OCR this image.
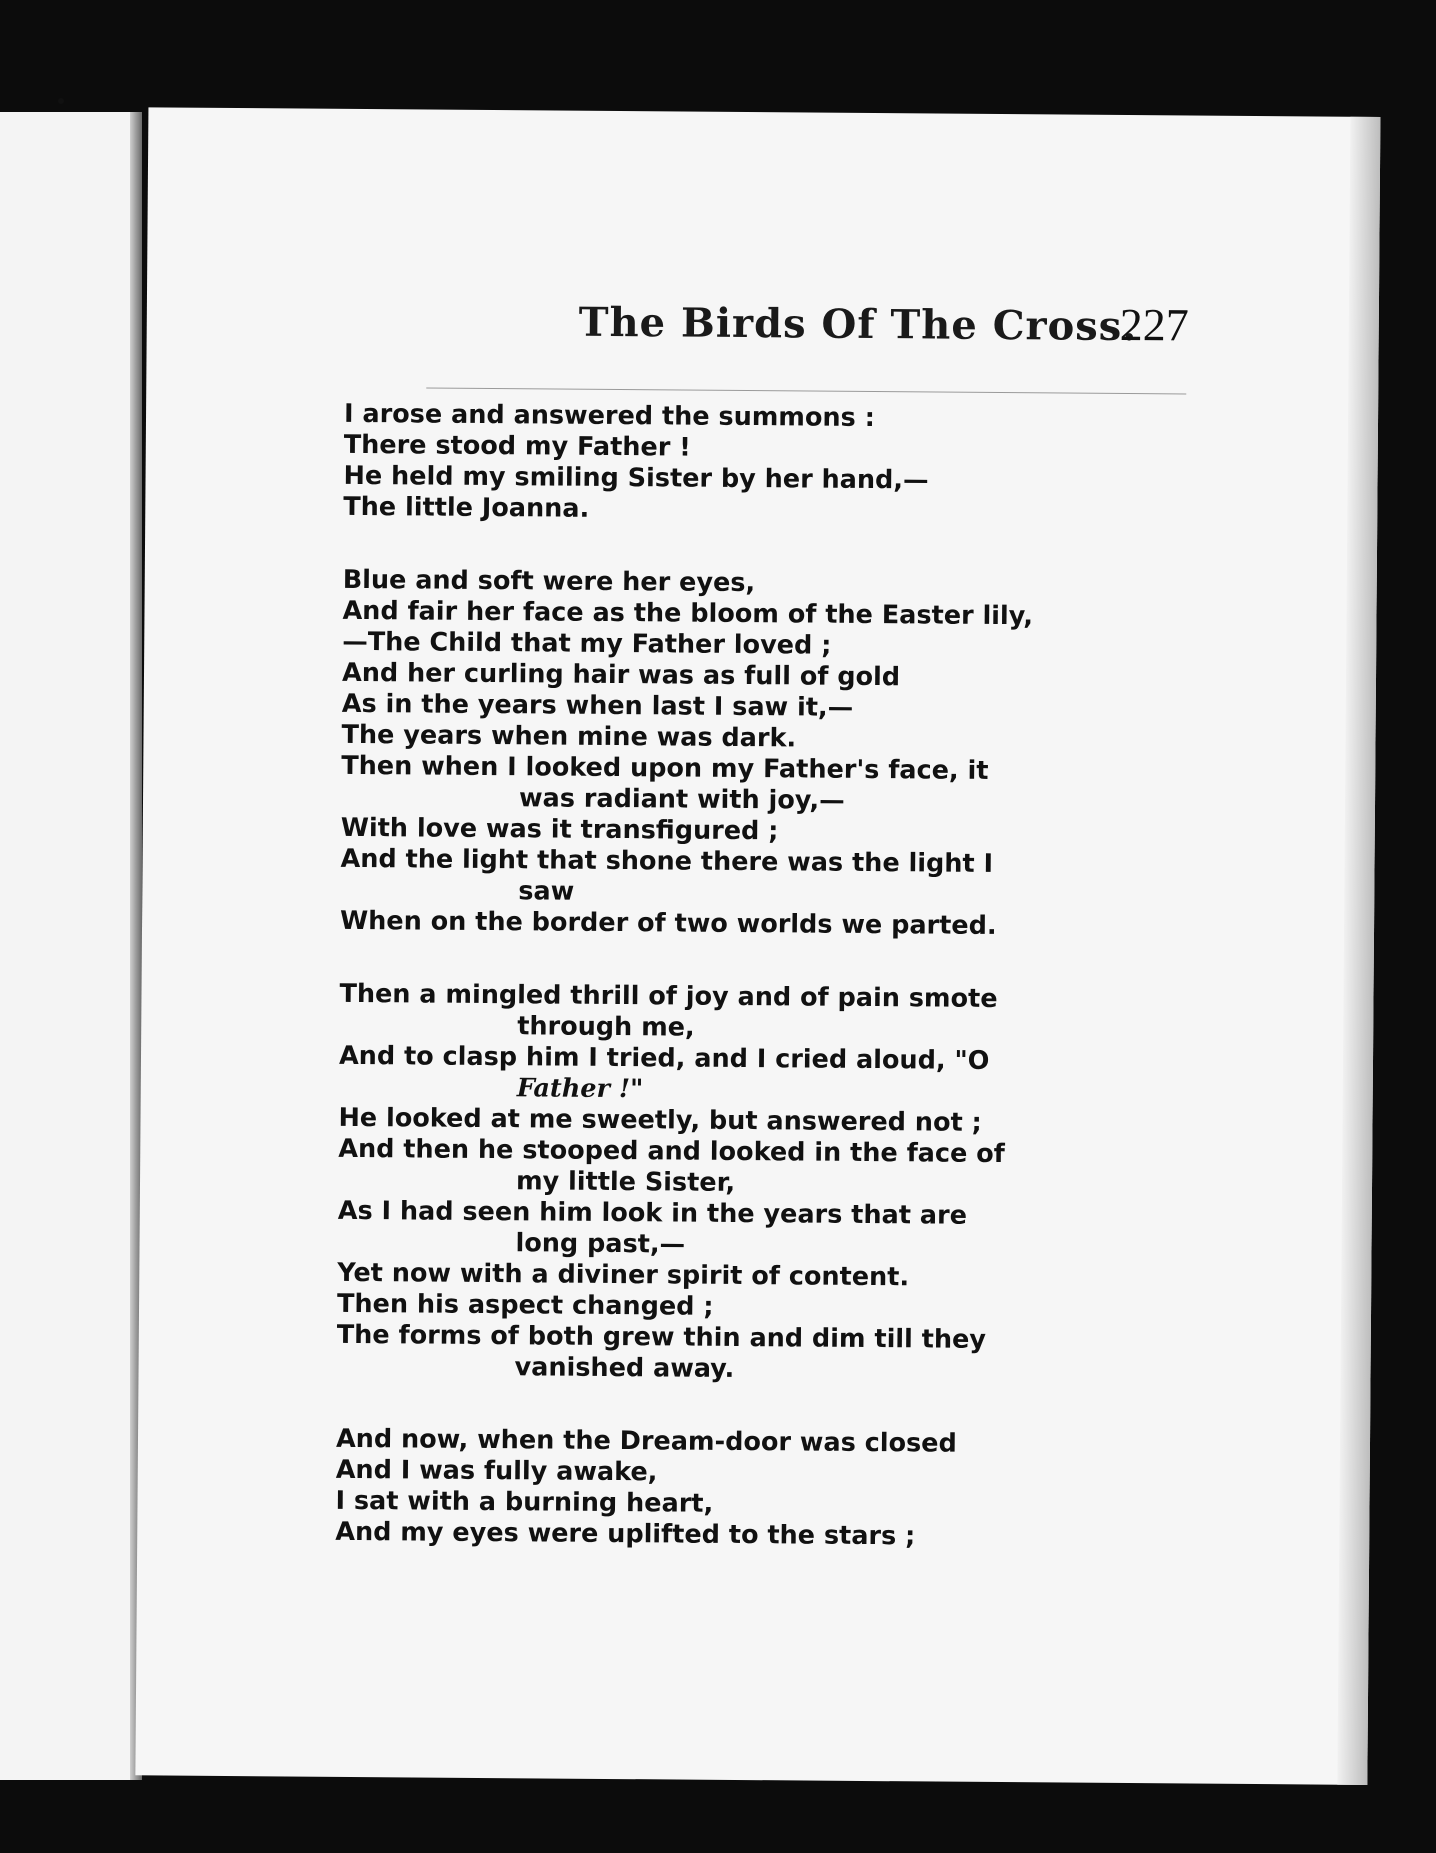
The Birds Of The Cross.
227
I arose and answered the summons :
There stood my Father !
He held my smiling Sister by her hand,—
The little Joanna.
Blue and soft were her eyes,
And fair her face as the bloom of the Easter lily,
—The Child that my Father loved ;
And her curling hair was as full of gold
As in the years when last I saw it,—
The years when mine was dark.
Then when I looked upon my Father's face, it
was radiant with joy,—
With love was it transfigured ;
And the light that shone there was the light I
saw
When on the border of two worlds we parted.
Then a mingled thrill of joy and of pain smote
through me,
And to clasp him I tried, and I cried aloud, "O
Father !"
He looked at me sweetly, but answered not ;
And then he stooped and looked in the face of
my little Sister,
As I had seen him look in the years that are
long past,—
Yet now with a diviner spirit of content.
Then his aspect changed ;
The forms of both grew thin and dim till they
vanished away.
And now, when the Dream-door was closed
And I was fully awake,
I sat with a burning heart,
And my eyes were uplifted to the stars ;
